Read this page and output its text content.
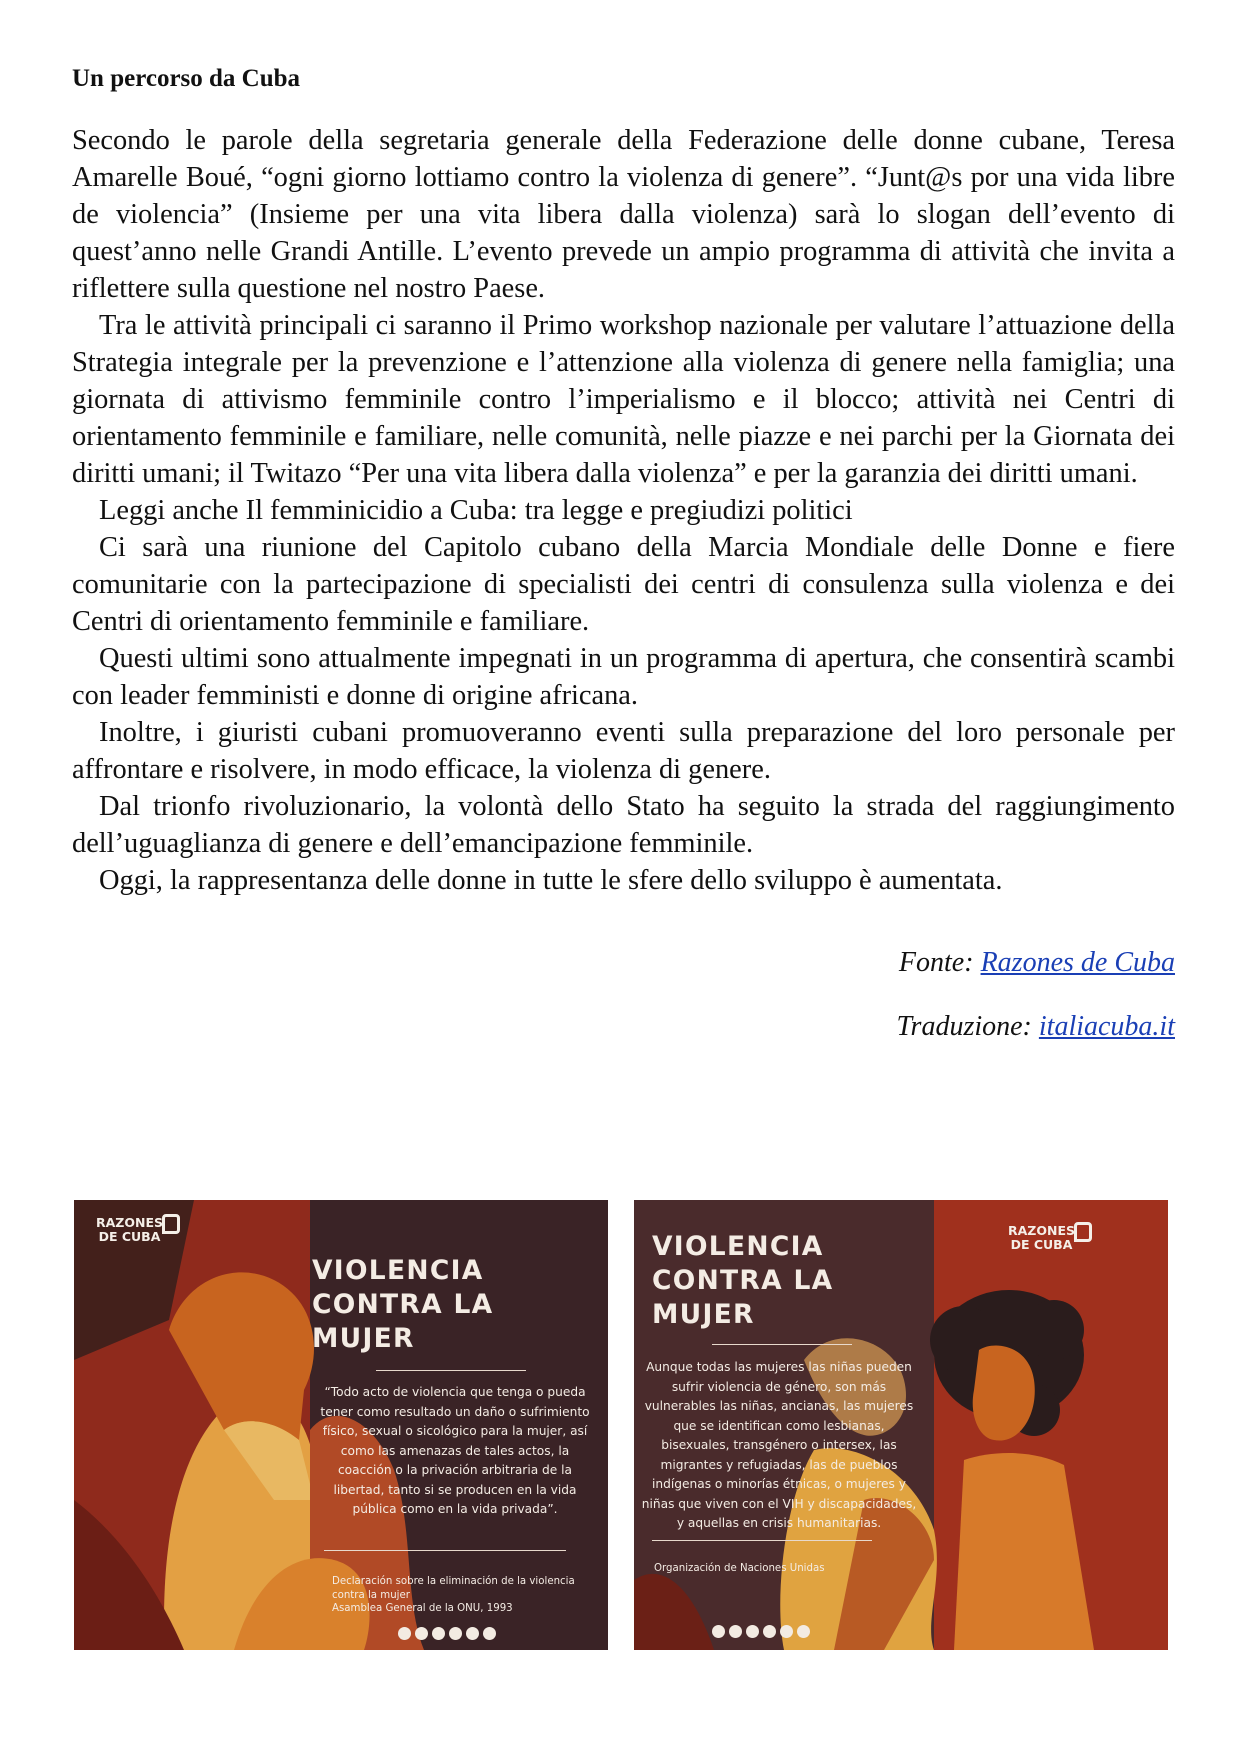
Un percorso da Cuba

Secondo le parole della segretaria generale della Federazione delle donne cubane, Teresa Amarelle Boué, “ogni giorno lottiamo contro la violenza di genere”. “Junt@s por una vida libre de violencia” (Insieme per una vita libera dalla violenza) sarà lo slogan dell’evento di quest’anno nelle Grandi Antille. L’evento prevede un ampio programma di attività che invita a riflettere sulla questione nel nostro Paese.

Tra le attività principali ci saranno il Primo workshop nazionale per valutare l’attuazione della Strategia integrale per la prevenzione e l’attenzione alla violenza di genere nella famiglia; una giornata di attivismo femminile contro l’imperialismo e il blocco; attività nei Centri di orientamento femminile e familiare, nelle comunità, nelle piazze e nei parchi per la Giornata dei diritti umani; il Twitazo “Per una vita libera dalla violenza” e per la garanzia dei diritti umani.

Leggi anche Il femminicidio a Cuba: tra legge e pregiudizi politici

Ci sarà una riunione del Capitolo cubano della Marcia Mondiale delle Donne e fiere comunitarie con la partecipazione di specialisti dei centri di consulenza sulla violenza e dei Centri di orientamento femminile e familiare.

Questi ultimi sono attualmente impegnati in un programma di apertura, che consentirà scambi con leader femministi e donne di origine africana.

Inoltre, i giuristi cubani promuoveranno eventi sulla preparazione del loro personale per affrontare e risolvere, in modo efficace, la violenza di genere.

Dal trionfo rivoluzionario, la volontà dello Stato ha seguito la strada del raggiungimento dell’uguaglianza di genere e dell’emancipazione femminile.

Oggi, la rappresentanza delle donne in tutte le sfere dello sviluppo è aumentata.

Fonte: Razones de Cuba
Traduzione: italiacuba.it
RAZONES
DE CUBA
VIOLENCIA
CONTRA LA
MUJER
“Todo acto de violencia que tenga o pueda
tener como resultado un daño o sufrimiento
físico, sexual o sicológico para la mujer, así
como las amenazas de tales actos, la
coacción o la privación arbitraria de la
libertad, tanto si se producen en la vida
pública como en la vida privada”.
Declaración sobre la eliminación de la violencia
contra la mujer
Asamblea General de la ONU, 1993
RAZONES
DE CUBA
VIOLENCIA
CONTRA LA
MUJER
Aunque todas las mujeres las niñas pueden
sufrir violencia de género, son más
vulnerables las niñas, ancianas, las mujeres
que se identifican como lesbianas,
bisexuales, transgénero o intersex, las
migrantes y refugiadas, las de pueblos
indígenas o minorías étnicas, o mujeres y
niñas que viven con el VIH y discapacidades,
y aquellas en crisis humanitarias.
Organización de Naciones Unidas
